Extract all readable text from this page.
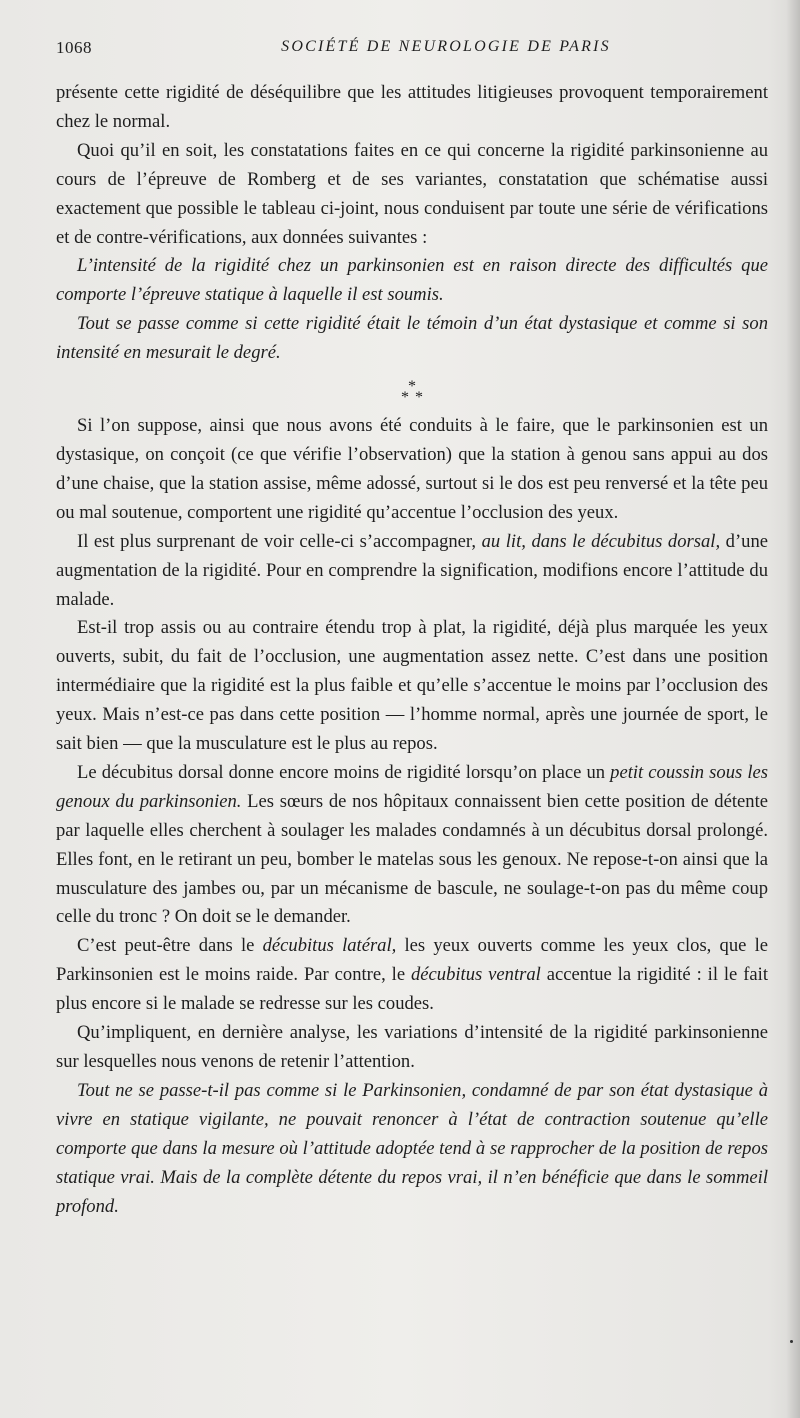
1068	SOCIÉTÉ DE NEUROLOGIE DE PARIS

présente cette rigidité de déséquilibre que les attitudes litigieuses provoquent temporairement chez le normal.

Quoi qu’il en soit, les constatations faites en ce qui concerne la rigidité parkinsonienne au cours de l’épreuve de Romberg et de ses variantes, constatation que schématise aussi exactement que possible le tableau ci-joint, nous conduisent par toute une série de vérifications et de contre-vérifications, aux données suivantes :

L’intensité de la rigidité chez un parkinsonien est en raison directe des difficultés que comporte l’épreuve statique à laquelle il est soumis.

Tout se passe comme si cette rigidité était le témoin d’un état dystasique et comme si son intensité en mesurait le degré.

*
* *

Si l’on suppose, ainsi que nous avons été conduits à le faire, que le parkinsonien est un dystasique, on conçoit (ce que vérifie l’observation) que la station à genou sans appui au dos d’une chaise, que la station assise, même adossé, surtout si le dos est peu renversé et la tête peu ou mal soutenue, comportent une rigidité qu’accentue l’occlusion des yeux.

Il est plus surprenant de voir celle-ci s’accompagner, au lit, dans le décubitus dorsal, d’une augmentation de la rigidité. Pour en comprendre la signification, modifions encore l’attitude du malade.

Est-il trop assis ou au contraire étendu trop à plat, la rigidité, déjà plus marquée les yeux ouverts, subit, du fait de l’occlusion, une augmentation assez nette. C’est dans une position intermédiaire que la rigidité est la plus faible et qu’elle s’accentue le moins par l’occlusion des yeux. Mais n’est-ce pas dans cette position — l’homme normal, après une journée de sport, le sait bien — que la musculature est le plus au repos.

Le décubitus dorsal donne encore moins de rigidité lorsqu’on place un petit coussin sous les genoux du parkinsonien. Les sœurs de nos hôpitaux connaissent bien cette position de détente par laquelle elles cherchent à soulager les malades condamnés à un décubitus dorsal prolongé. Elles font, en le retirant un peu, bomber le matelas sous les genoux. Ne repose-t-on ainsi que la musculature des jambes ou, par un mécanisme de bascule, ne soulage-t-on pas du même coup celle du tronc ? On doit se le demander.

C’est peut-être dans le décubitus latéral, les yeux ouverts comme les yeux clos, que le Parkinsonien est le moins raide. Par contre, le décubitus ventral accentue la rigidité : il le fait plus encore si le malade se redresse sur les coudes.

Qu’impliquent, en dernière analyse, les variations d’intensité de la rigidité parkinsonienne sur lesquelles nous venons de retenir l’attention.

Tout ne se passe-t-il pas comme si le Parkinsonien, condamné de par son état dystasique à vivre en statique vigilante, ne pouvait renoncer à l’état de contraction soutenue qu’elle comporte que dans la mesure où l’attitude adoptée tend à se rapprocher de la position de repos statique vrai. Mais de la complète détente du repos vrai, il n’en bénéficie que dans le sommeil profond.
